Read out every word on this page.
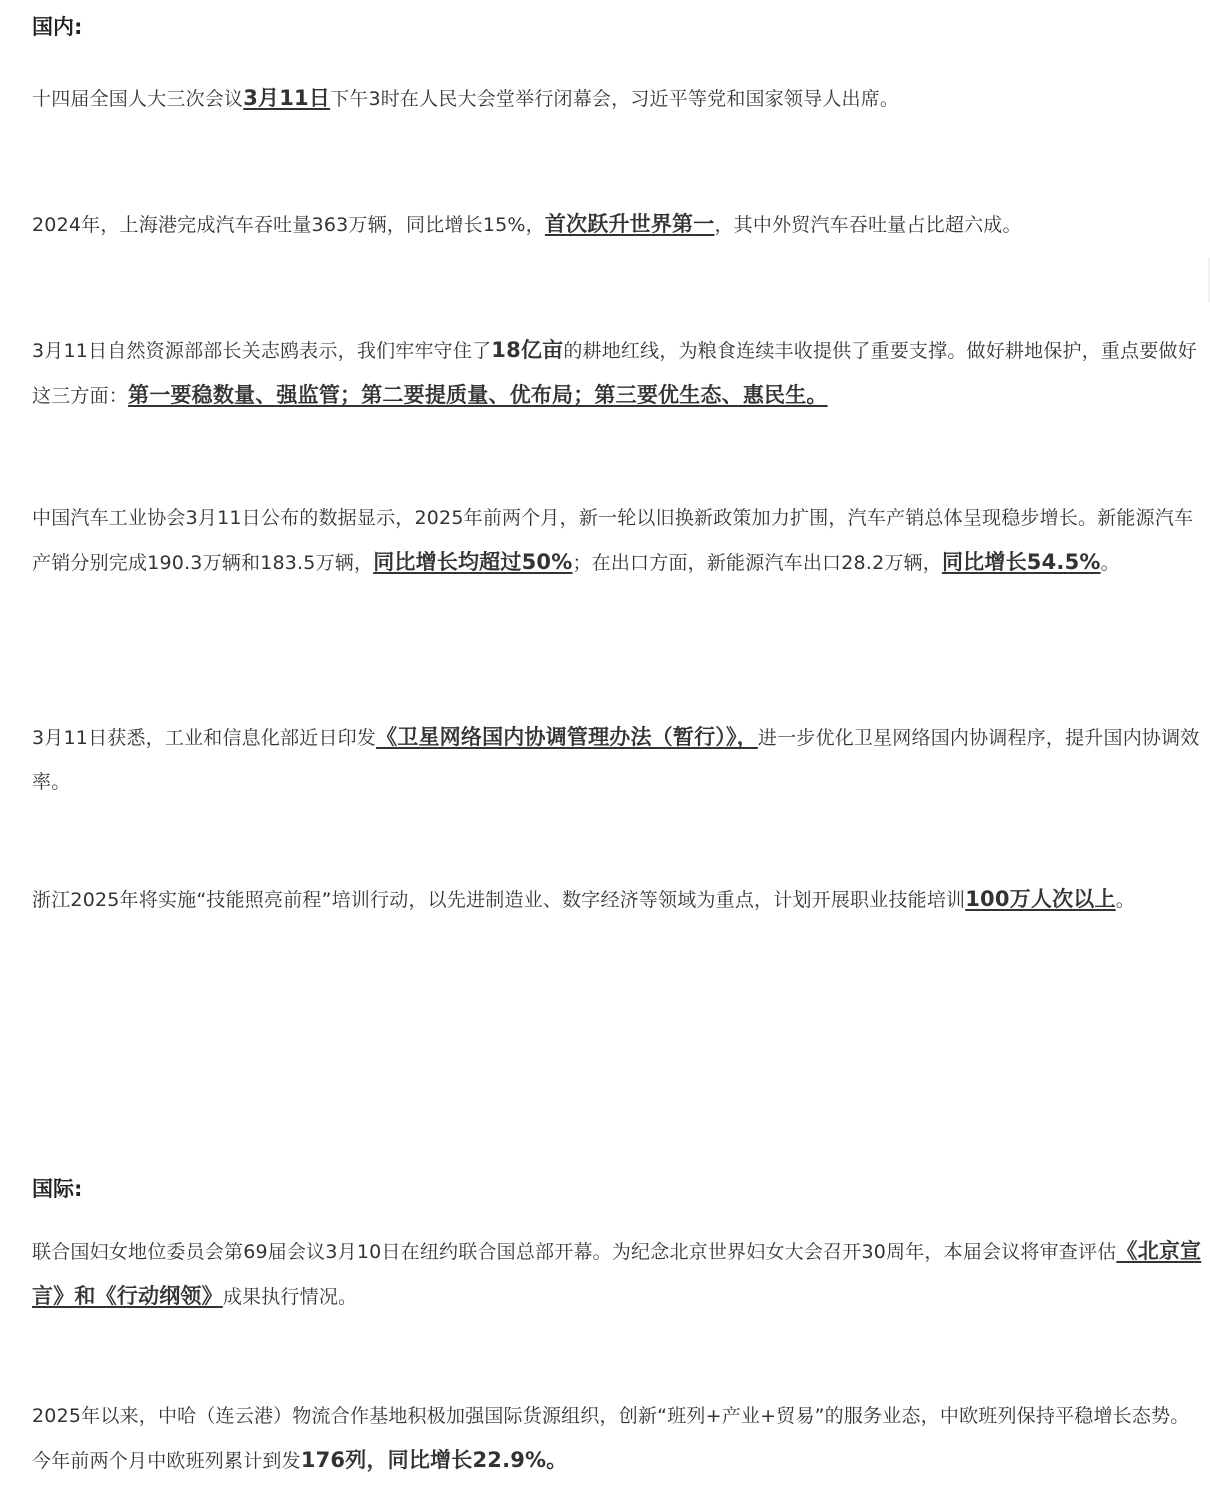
国内:
十四届全国人大三次会议3月11日下午3时在人民大会堂举行闭幕会，习近平等党和国家领导人出席。
2024年，上海港完成汽车吞吐量363万辆，同比增长15%，首次跃升世界第一，其中外贸汽车吞吐量占比超六成。
3月11日自然资源部部长关志鸥表示，我们牢牢守住了18亿亩的耕地红线，为粮食连续丰收提供了重要支撑。做好耕地保护，重点要做好这三方面：第一要稳数量、强监管；第二要提质量、优布局；第三要优生态、惠民生。
中国汽车工业协会3月11日公布的数据显示，2025年前两个月，新一轮以旧换新政策加力扩围，汽车产销总体呈现稳步增长。新能源汽车产销分别完成190.3万辆和183.5万辆，同比增长均超过50%；在出口方面，新能源汽车出口28.2万辆，同比增长54.5%。
3月11日获悉，工业和信息化部近日印发《卫星网络国内协调管理办法（暂行）》，进一步优化卫星网络国内协调程序，提升国内协调效率。
浙江2025年将实施“技能照亮前程”培训行动，以先进制造业、数字经济等领域为重点，计划开展职业技能培训100万人次以上。
国际:
联合国妇女地位委员会第69届会议3月10日在纽约联合国总部开幕。为纪念北京世界妇女大会召开30周年，本届会议将审查评估《北京宣言》和《行动纲领》成果执行情况。
2025年以来，中哈（连云港）物流合作基地积极加强国际货源组织，创新“班列+产业+贸易”的服务业态，中欧班列保持平稳增长态势。今年前两个月中欧班列累计到发176列，同比增长22.9%。
